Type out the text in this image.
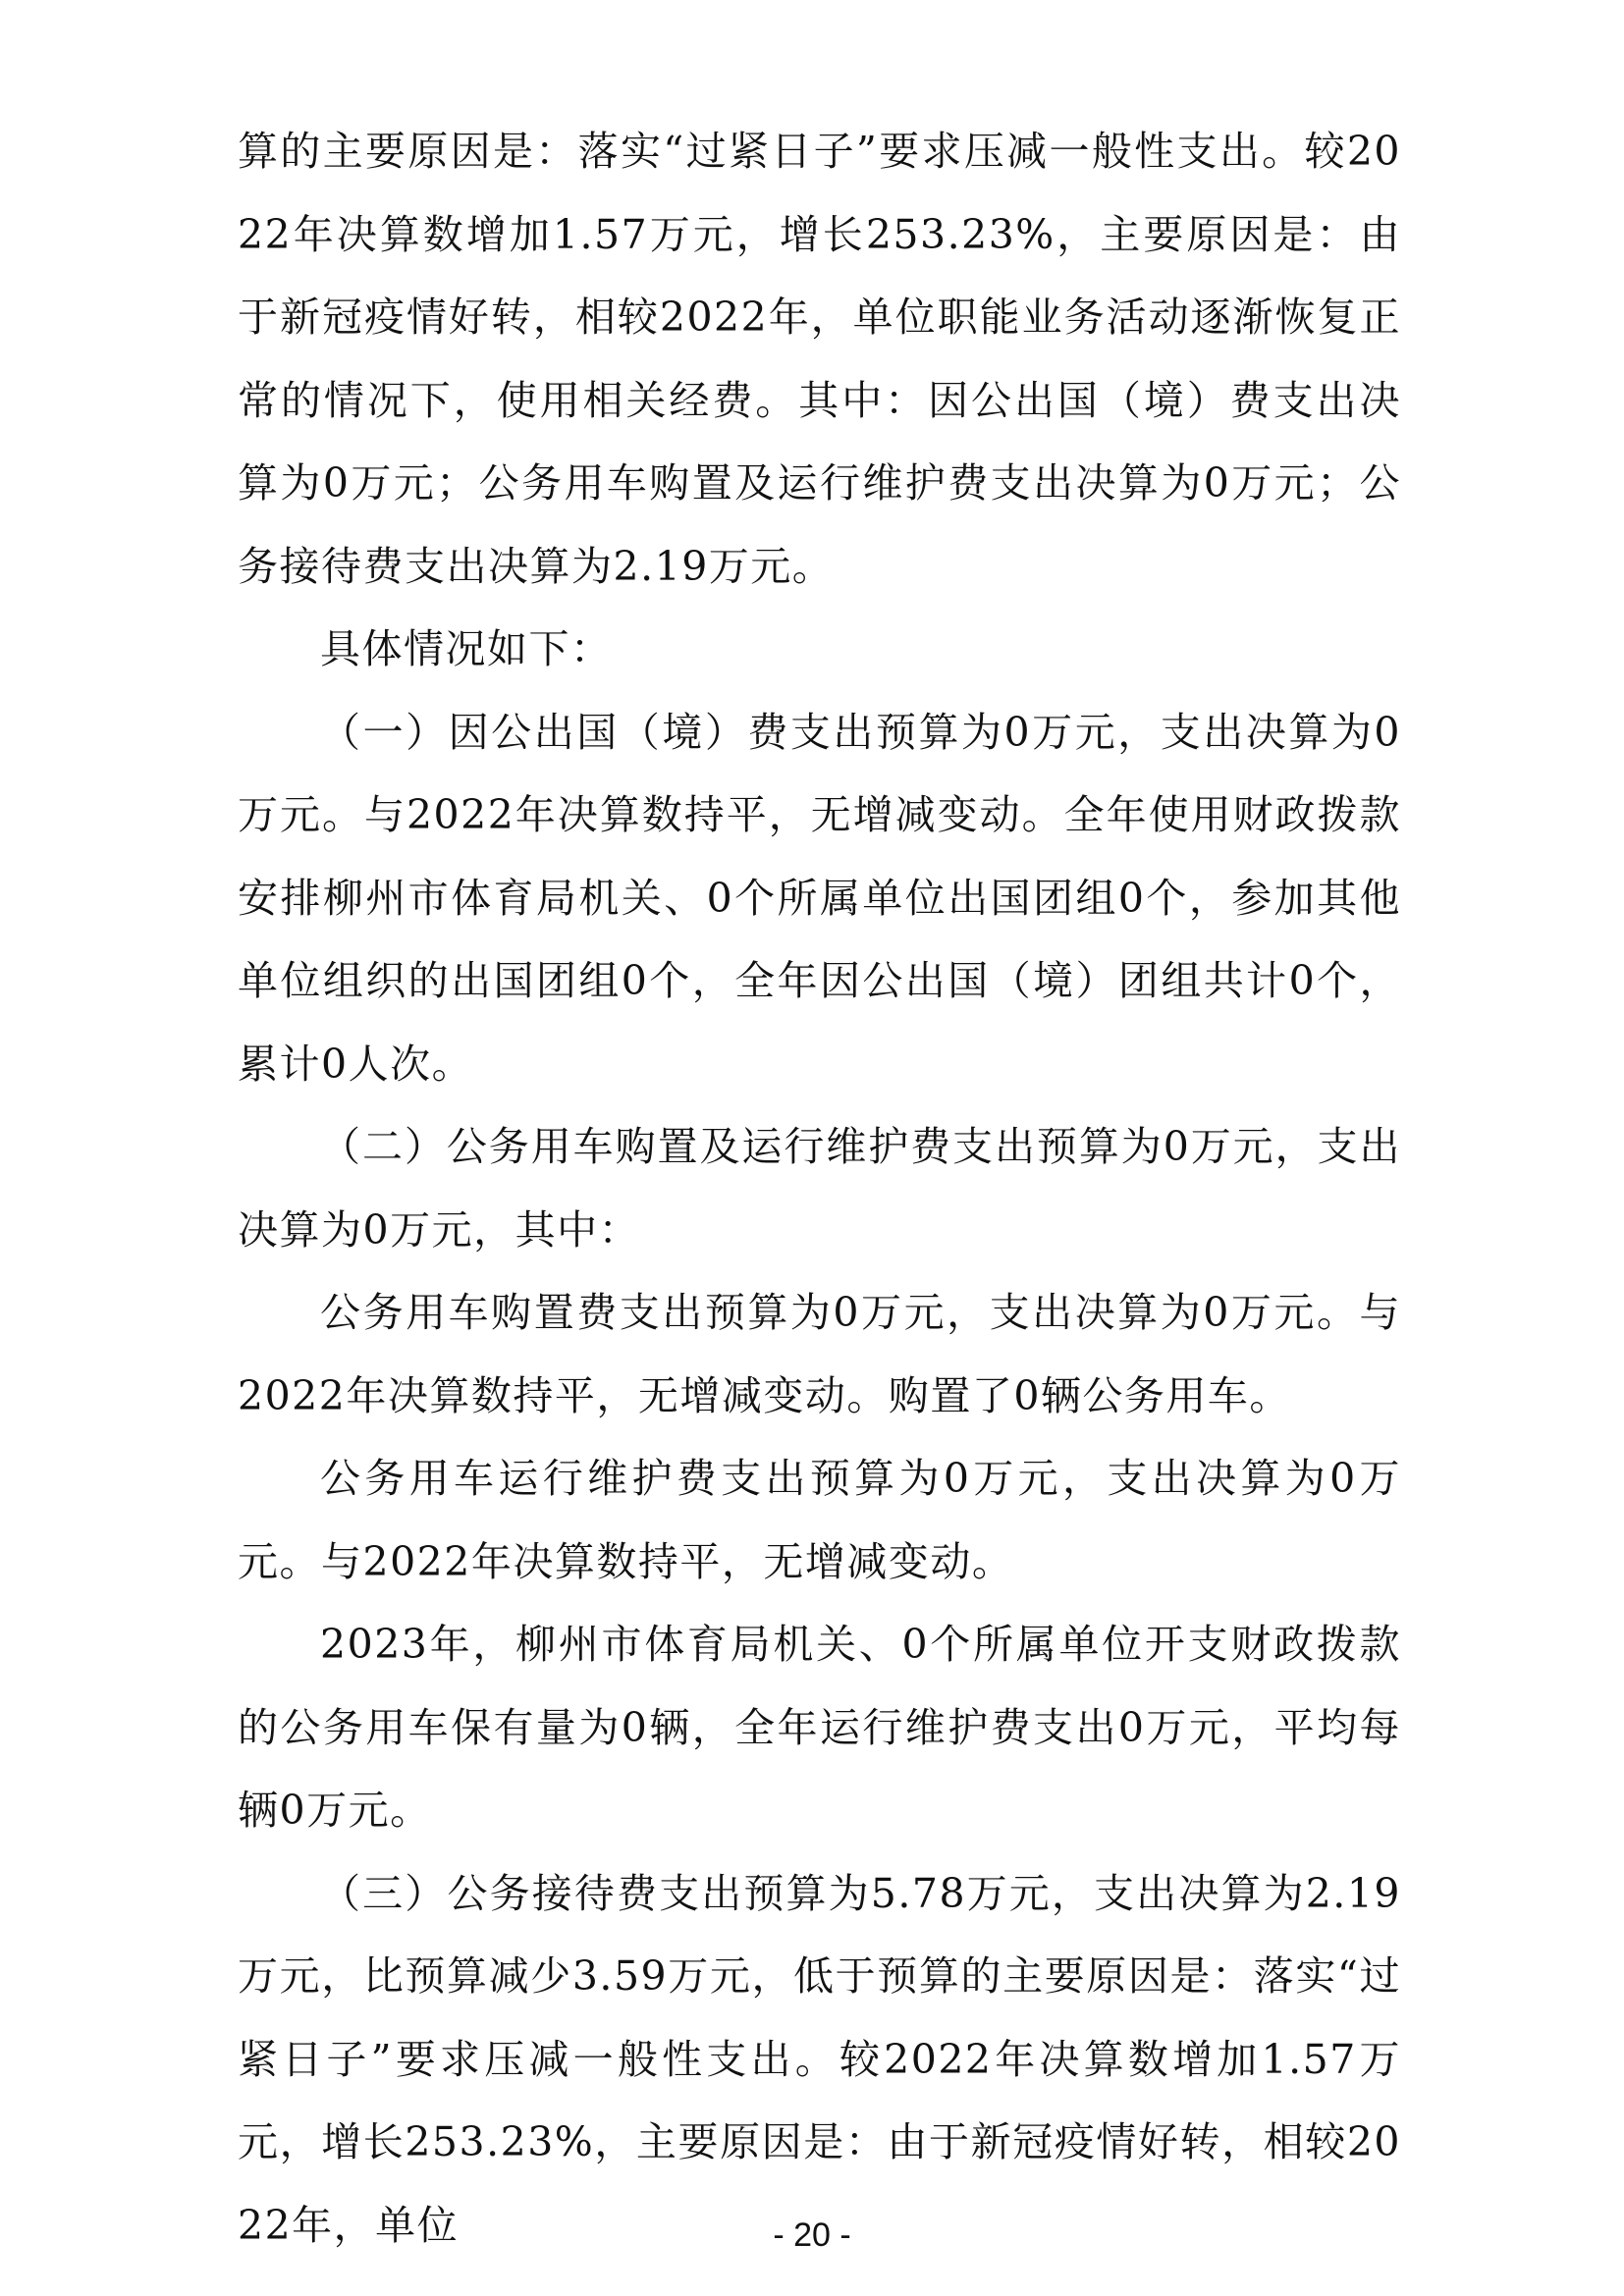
算的主要原因是：落实“过紧日子”要求压减一般性支出。较2022年决算数增加1.57万元，增长253.23%，主要原因是：由于新冠疫情好转，相较2022年，单位职能业务活动逐渐恢复正常的情况下，使用相关经费。其中：因公出国（境）费支出决算为0万元；公务用车购置及运行维护费支出决算为0万元；公务接待费支出决算为2.19万元。

具体情况如下：

（一）因公出国（境）费支出预算为0万元，支出决算为0万元。与2022年决算数持平，无增减变动。全年使用财政拨款安排柳州市体育局机关、0个所属单位出国团组0个，参加其他单位组织的出国团组0个，全年因公出国（境）团组共计0个，累计0人次。

（二）公务用车购置及运行维护费支出预算为0万元，支出决算为0万元，其中：

公务用车购置费支出预算为0万元，支出决算为0万元。与2022年决算数持平，无增减变动。购置了0辆公务用车。

公务用车运行维护费支出预算为0万元，支出决算为0万元。与2022年决算数持平，无增减变动。

2023年，柳州市体育局机关、0个所属单位开支财政拨款的公务用车保有量为0辆，全年运行维护费支出0万元，平均每辆0万元。

（三）公务接待费支出预算为5.78万元，支出决算为2.19万元，比预算减少3.59万元，低于预算的主要原因是：落实“过紧日子”要求压减一般性支出。较2022年决算数增加1.57万元，增长253.23%，主要原因是：由于新冠疫情好转，相较2022年，单位	- 20 -
